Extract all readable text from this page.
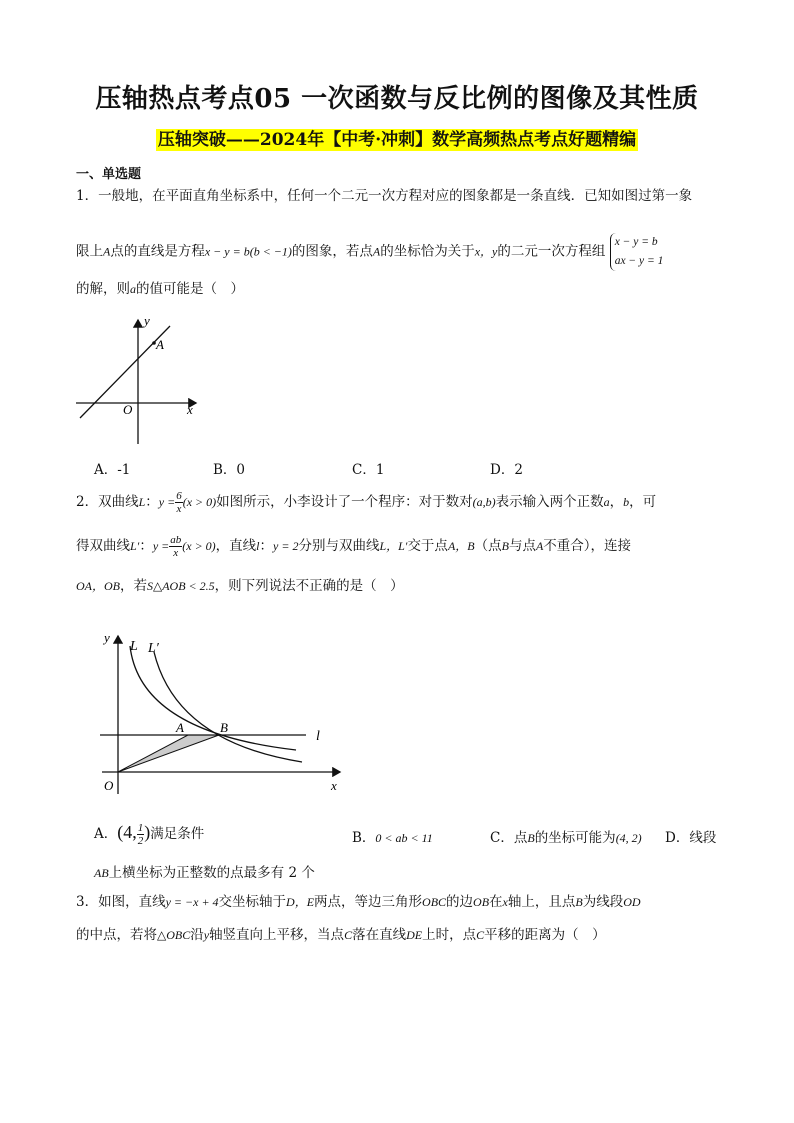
压轴热点考点05 一次函数与反比例的图像及其性质
压轴突破——2024年【中考·冲刺】数学高频热点考点好题精编
一、单选题
1．一般地，在平面直角坐标系中，任何一个二元一次方程对应的图象都是一条直线．已知如图过第一象
限上A点的直线是方程x − y = b(b < −1)的图象，若点A的坐标恰为关于x，y的二元一次方程组
x − y = b
ax − y = 1
的解，则a的值可能是（　）
y
A
O	x
A．-1	B．0	C．1	D．2
2．双曲线L：$y = \frac{6}{x} (x > 0)$如图所示，小李设计了一个程序：对于数对(a,b)表示输入两个正数a，b，可
得双曲线L′：$y = \frac{ab}{x} (x > 0)$，直线l：y = 2分别与双曲线L，L′交于点A，B（点B与点A不重合），连接
OA，OB，若S△AOB < 2.5，则下列说法不正确的是（　）
y
L L′
A	B
l
O	x
A．(4, $\frac{1}{2}$ )满足条件	B．0 < ab < 11	C．点B的坐标可能为(4, 2) D．线段
AB上横坐标为正整数的点最多有 2 个
3．如图，直线y = −x + 4交坐标轴于D，E两点，等边三角形OBC的边OB在x轴上，且点B为线段OD
的中点，若将△OBC沿y轴竖直向上平移，当点C落在直线DE上时，点C平移的距离为（　）
